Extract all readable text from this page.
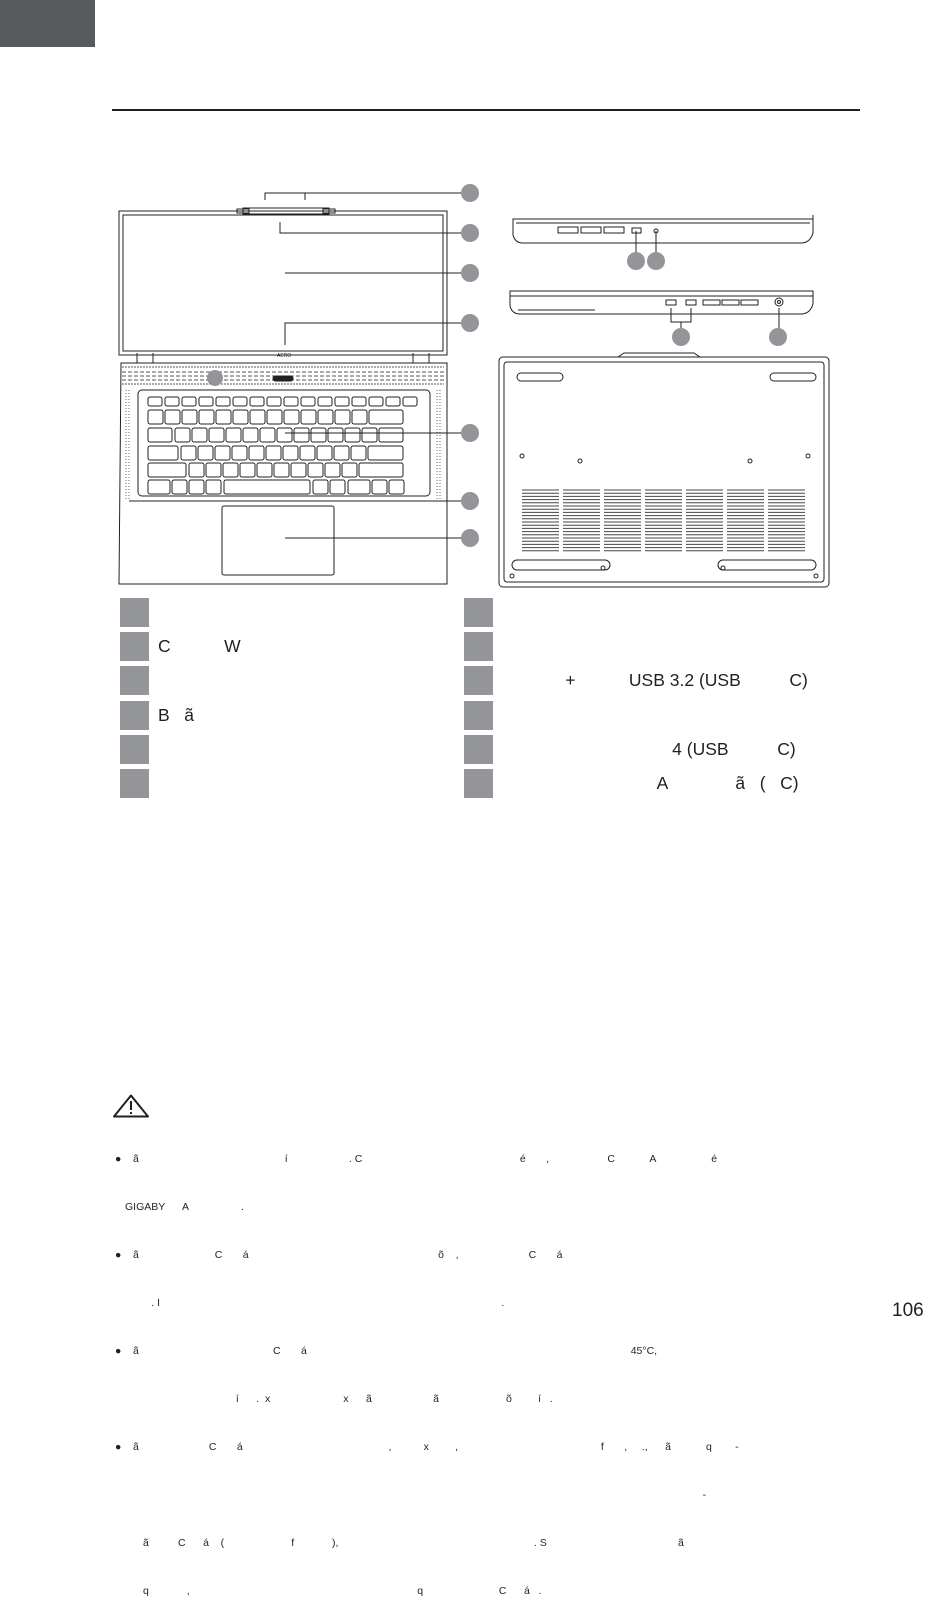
AERO
C           W
B   ã
+           USB 3.2 (USB          C)
4 (USB          C)
A              ã   (   C)

● ã                                                  í                     . C                                                      é       ,                    C            A                   é

GIGABY      A                  .

● ã                          C       á                                                                 õ    ,                        C       á

. I                                                                                                                     .

● ã                                              C       á                                                                                                               45°C,

í      .  x                         x      ã                     ã                       õ         í   .

● ã                        C       á                                                  ,           x         ,                                                 f       ,     .,      ã            q        -

-

ã          C      á    (                       f             ),                                                                   . S                                             ã

q             ,                                                                              q                          C      á   .

106
